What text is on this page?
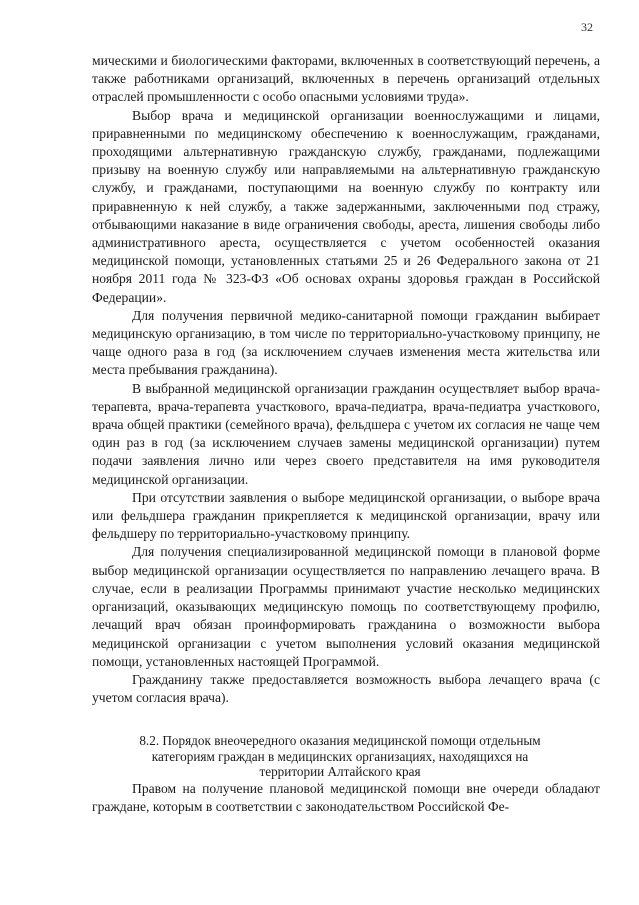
32

мическими и биологическими факторами, включенных в соответствующий перечень, а также работниками организаций, включенных в перечень организаций отдельных отраслей промышленности с особо опасными условиями труда».

Выбор врача и медицинской организации военнослужащими и лицами, приравненными по медицинскому обеспечению к военнослужащим, гражданами, проходящими альтернативную гражданскую службу, гражданами, подлежащими призыву на военную службу или направляемыми на альтернативную гражданскую службу, и гражданами, поступающими на военную службу по контракту или приравненную к ней службу, а также задержанными, заключенными под стражу, отбывающими наказание в виде ограничения свободы, ареста, лишения свободы либо административного ареста, осуществляется с учетом особенностей оказания медицинской помощи, установленных статьями 25 и 26 Федерального закона от 21 ноября 2011 года № 323-ФЗ «Об основах охраны здоровья граждан в Российской Федерации».

Для получения первичной медико-санитарной помощи гражданин выбирает медицинскую организацию, в том числе по территориально-участковому принципу, не чаще одного раза в год (за исключением случаев изменения места жительства или места пребывания гражданина).

В выбранной медицинской организации гражданин осуществляет выбор врача-терапевта, врача-терапевта участкового, врача-педиатра, врача-педиатра участкового, врача общей практики (семейного врача), фельдшера с учетом их согласия не чаще чем один раз в год (за исключением случаев замены медицинской организации) путем подачи заявления лично или через своего представителя на имя руководителя медицинской организации.

При отсутствии заявления о выборе медицинской организации, о выборе врача или фельдшера гражданин прикрепляется к медицинской организации, врачу или фельдшеру по территориально-участковому принципу.

Для получения специализированной медицинской помощи в плановой форме выбор медицинской организации осуществляется по направлению лечащего врача. В случае, если в реализации Программы принимают участие несколько медицинских организаций, оказывающих медицинскую помощь по соответствующему профилю, лечащий врач обязан проинформировать гражданина о возможности выбора медицинской организации с учетом выполнения условий оказания медицинской помощи, установленных настоящей Программой.

Гражданину также предоставляется возможность выбора лечащего врача (с учетом согласия врача).

8.2. Порядок внеочередного оказания медицинской помощи отдельным категориям граждан в медицинских организациях, находящихся на территории Алтайского края

Правом на получение плановой медицинской помощи вне очереди обладают граждане, которым в соответствии с законодательством Российской Фе-
